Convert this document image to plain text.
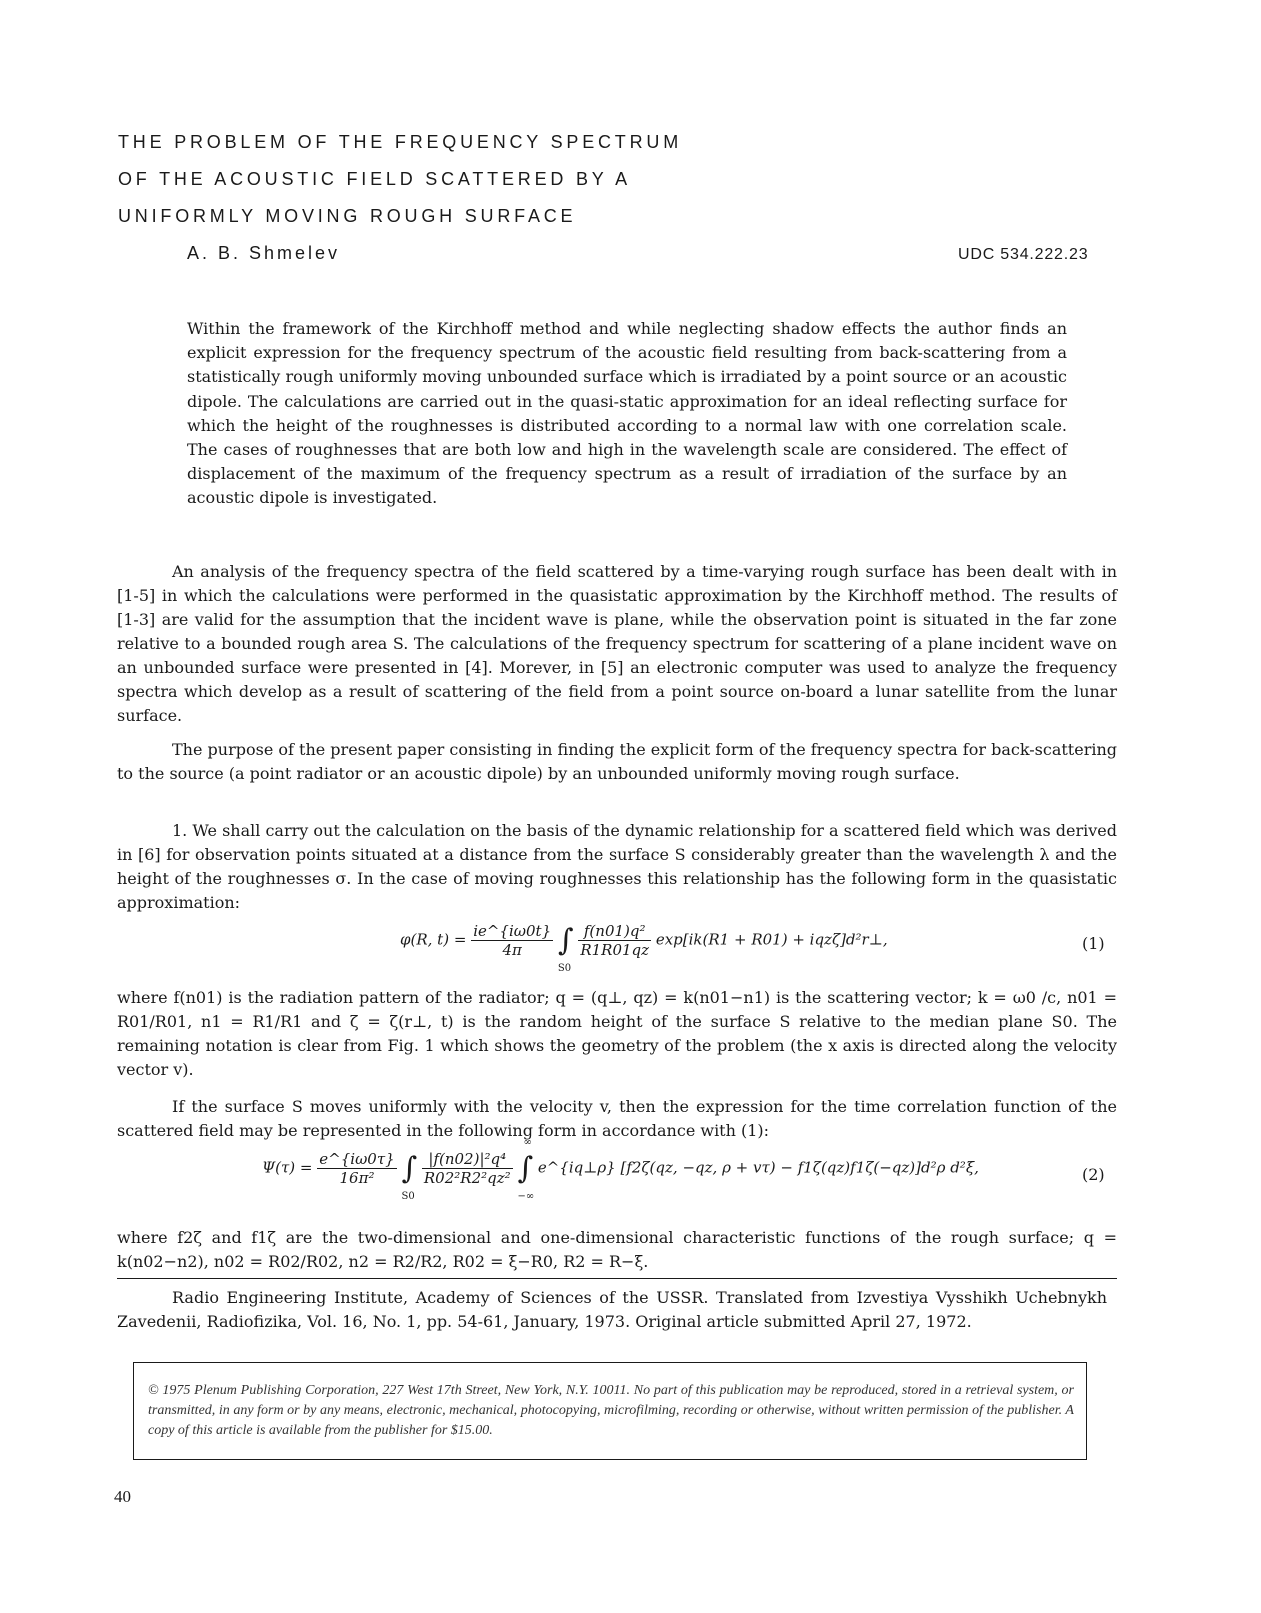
THE PROBLEM OF THE FREQUENCY SPECTRUM
OF THE ACOUSTIC FIELD SCATTERED BY A
UNIFORMLY MOVING ROUGH SURFACE
A. B. Shmelev	UDC 534.222.23

Within the framework of the Kirchhoff method and while neglecting shadow effects the author finds an explicit expression for the frequency spectrum of the acoustic field resulting from back-scattering from a statistically rough uniformly moving unbounded surface which is irradiated by a point source or an acoustic dipole. The calculations are carried out in the quasi-static approximation for an ideal reflecting surface for which the height of the roughnesses is distributed according to a normal law with one correlation scale. The cases of roughnesses that are both low and high in the wavelength scale are considered. The effect of displacement of the maximum of the frequency spectrum as a result of irradiation of the surface by an acoustic dipole is investigated.

An analysis of the frequency spectra of the field scattered by a time-varying rough surface has been dealt with in [1-5] in which the calculations were performed in the quasistatic approximation by the Kirchhoff method. The results of [1-3] are valid for the assumption that the incident wave is plane, while the observation point is situated in the far zone relative to a bounded rough area S. The calculations of the frequency spectrum for scattering of a plane incident wave on an unbounded surface were presented in [4]. Morever, in [5] an electronic computer was used to analyze the frequency spectra which develop as a result of scattering of the field from a point source on-board a lunar satellite from the lunar surface.

The purpose of the present paper consisting in finding the explicit form of the frequency spectra for back-scattering to the source (a point radiator or an acoustic dipole) by an unbounded uniformly moving rough surface.

1. We shall carry out the calculation on the basis of the dynamic relationship for a scattered field which was derived in [6] for observation points situated at a distance from the surface S considerably greater than the wavelength λ and the height of the roughnesses σ. In the case of moving roughnesses this relationship has the following form in the quasistatic approximation:

φ(R, $t) = \frac{ie\^{}\{i\omega 0t\}}{4\pi}$ ∫
S0

$\frac{\text{f(n01)q²}}{R1R01qz} \exp[ik(R1 + R01)$ + iqzζ]d²r⊥,	(1)

where f(n01) is the radiation pattern of the radiator; q = (q⊥, qz) = k(n01−n1) is the scattering vector; k = ω0 /c, n01 = R01/R01, n1 = R1/R1 and ζ = ζ(r⊥, t) is the random height of the surface S relative to the median plane S0. The remaining notation is clear from Fig. 1 which shows the geometry of the problem (the x axis is directed along the velocity vector v).

If the surface S moves uniformly with the velocity v, then the expression for the time correlation function of the scattered field may be represented in the following form in accordance with (1):

$\Psi(\tau) = \frac{e\^{}\{i\omega 0\tau\}}{\text{16π²}}$ ∫
S0

$\frac{\text{|f(n02)|²q⁴}}{\text{R02²R2²qz²}}$ ∫
∞
−∞
e^{iq⊥ρ} [f2ζ(qz, −qz, ρ + vτ) − f1ζ(qz)f1ζ(−qz)]d²ρ d²ξ,	(2)

where f2ζ and f1ζ are the two-dimensional and one-dimensional characteristic functions of the rough surface; q = k(n02−n2), n02 = R02/R02, n2 = R2/R2, R02 = ξ−R0, R2 = R−ξ.

Radio Engineering Institute, Academy of Sciences of the USSR. Translated from Izvestiya Vysshikh Uchebnykh Zavedenii, Radiofizika, Vol. 16, No. 1, pp. 54-61, January, 1973. Original article submitted April 27, 1972.

© 1975 Plenum Publishing Corporation, 227 West 17th Street, New York, N.Y. 10011. No part of this publication may be reproduced, stored in a retrieval system, or transmitted, in any form or by any means, electronic, mechanical, photocopying, microfilming, recording or otherwise, without written permission of the publisher. A copy of this article is available from the publisher for $15.00.

40
